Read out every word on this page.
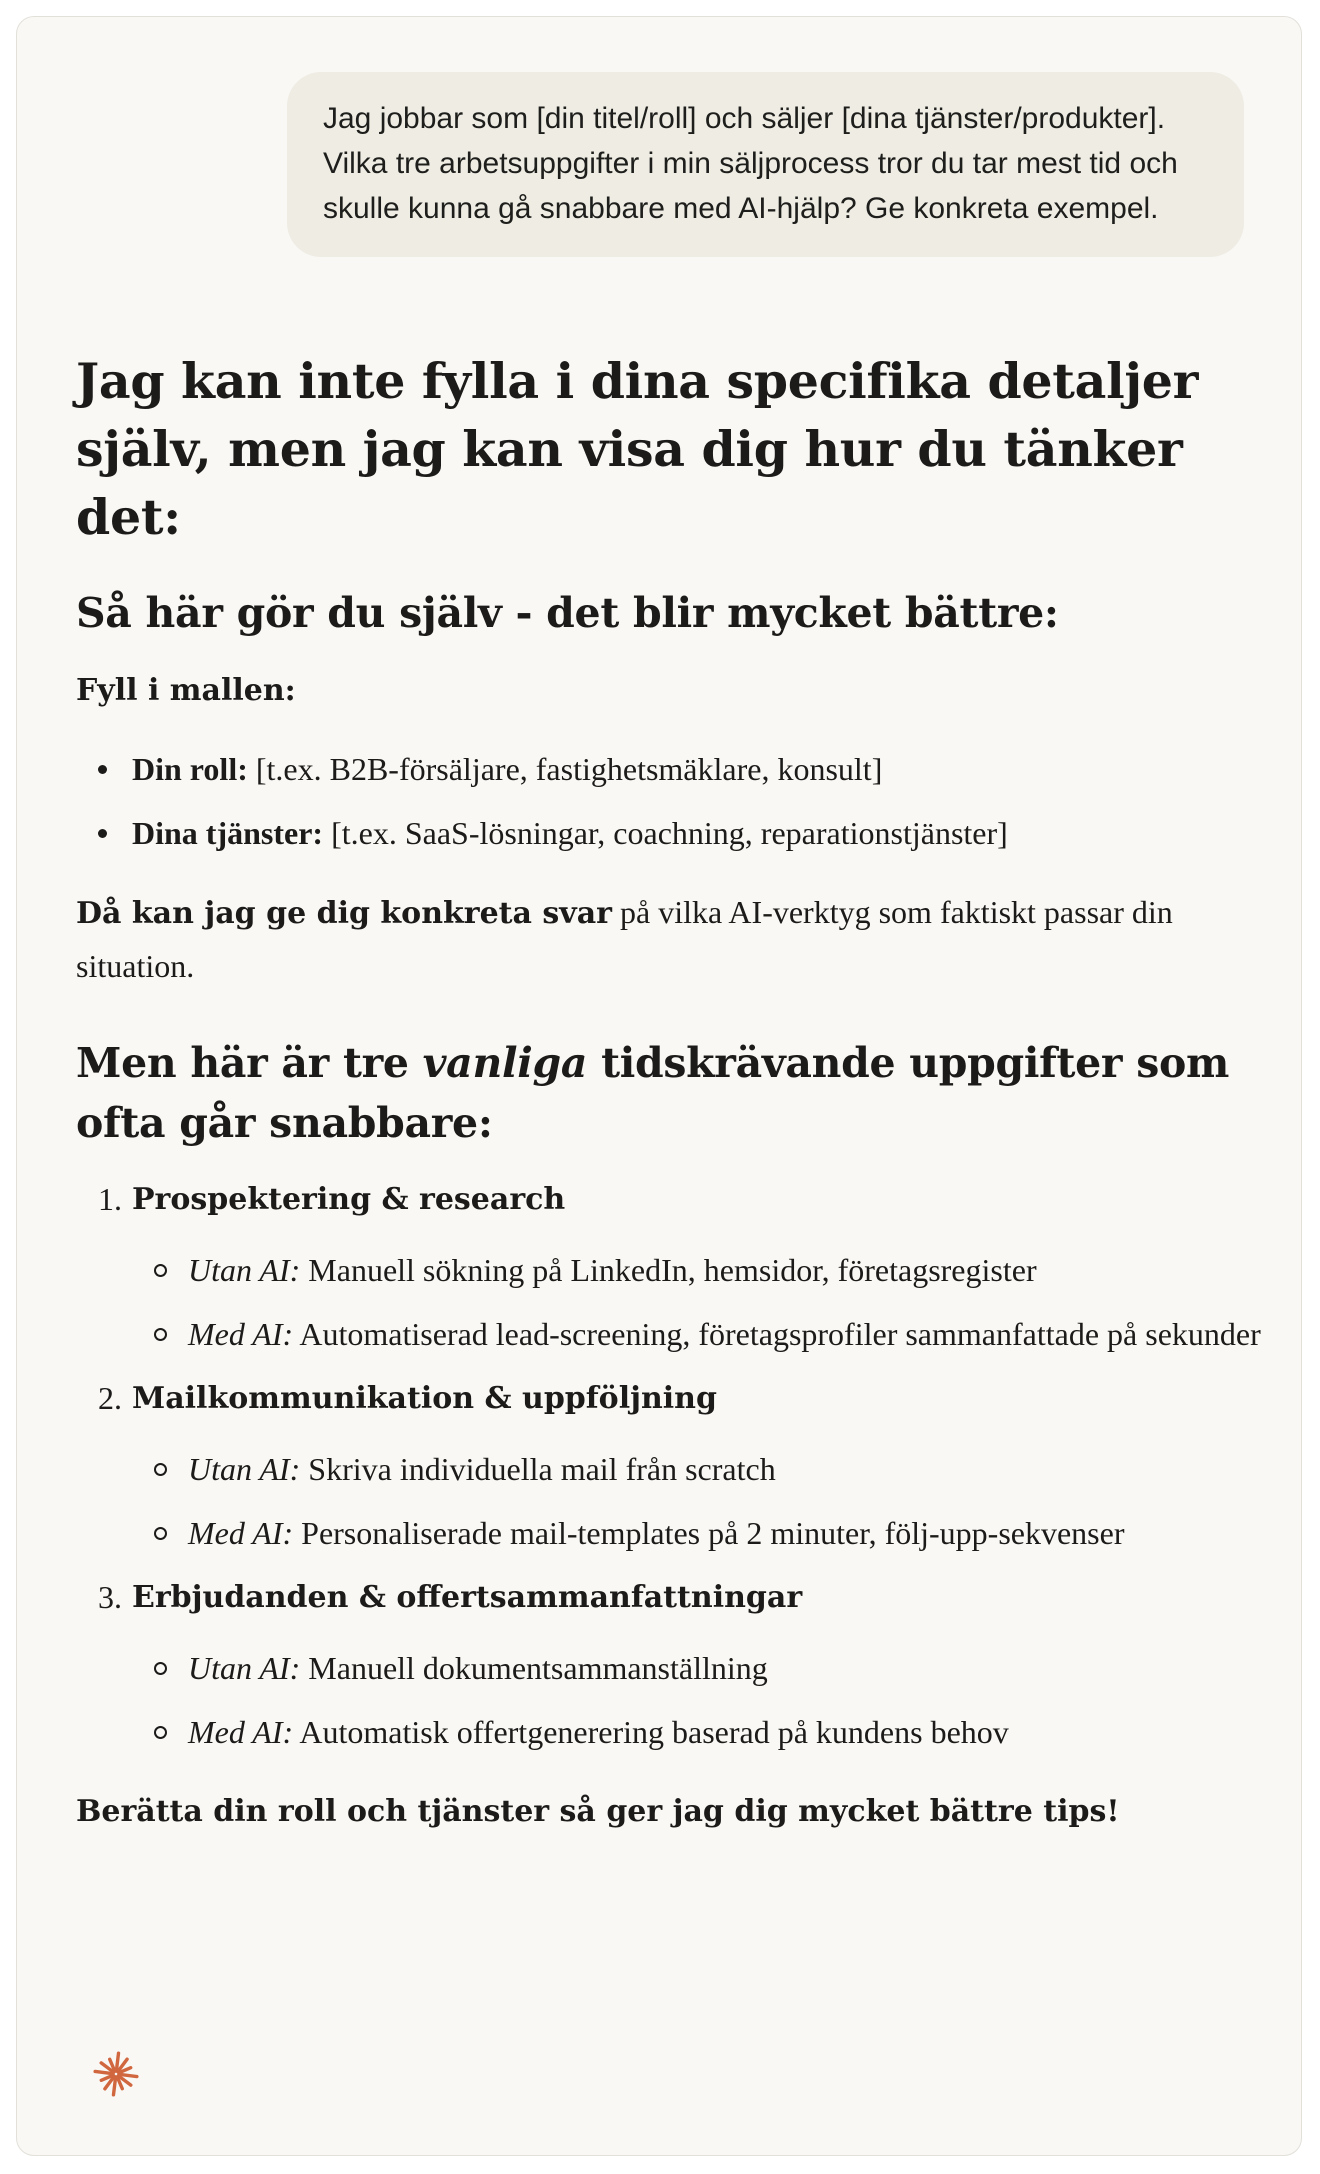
Jag jobbar som [din titel/roll] och säljer [dina tjänster/produkter]. Vilka tre arbetsuppgifter i min säljprocess tror du tar mest tid och skulle kunna gå snabbare med AI-hjälp? Ge konkreta exempel.
Jag kan inte fylla i dina specifika detaljer själv, men jag kan visa dig hur du tänker det:
Så här gör du själv - det blir mycket bättre:
Fyll i mallen:
Din roll: [t.ex. B2B-försäljare, fastighetsmäklare, konsult]
Dina tjänster: [t.ex. SaaS-lösningar, coachning, reparationstjänster]
Då kan jag ge dig konkreta svar på vilka AI-verktyg som faktiskt passar din situation.
Men här är tre vanliga tidskrävande uppgifter som ofta går snabbare:
1. Prospektering & research
Utan AI: Manuell sökning på LinkedIn, hemsidor, företagsregister
Med AI: Automatiserad lead-screening, företagsprofiler sammanfattade på sekunder
2. Mailkommunikation & uppföljning
Utan AI: Skriva individuella mail från scratch
Med AI: Personaliserade mail-templates på 2 minuter, följ-upp-sekvenser
3. Erbjudanden & offertsammanfattningar
Utan AI: Manuell dokumentsammanställning
Med AI: Automatisk offertgenerering baserad på kundens behov
Berätta din roll och tjänster så ger jag dig mycket bättre tips!
